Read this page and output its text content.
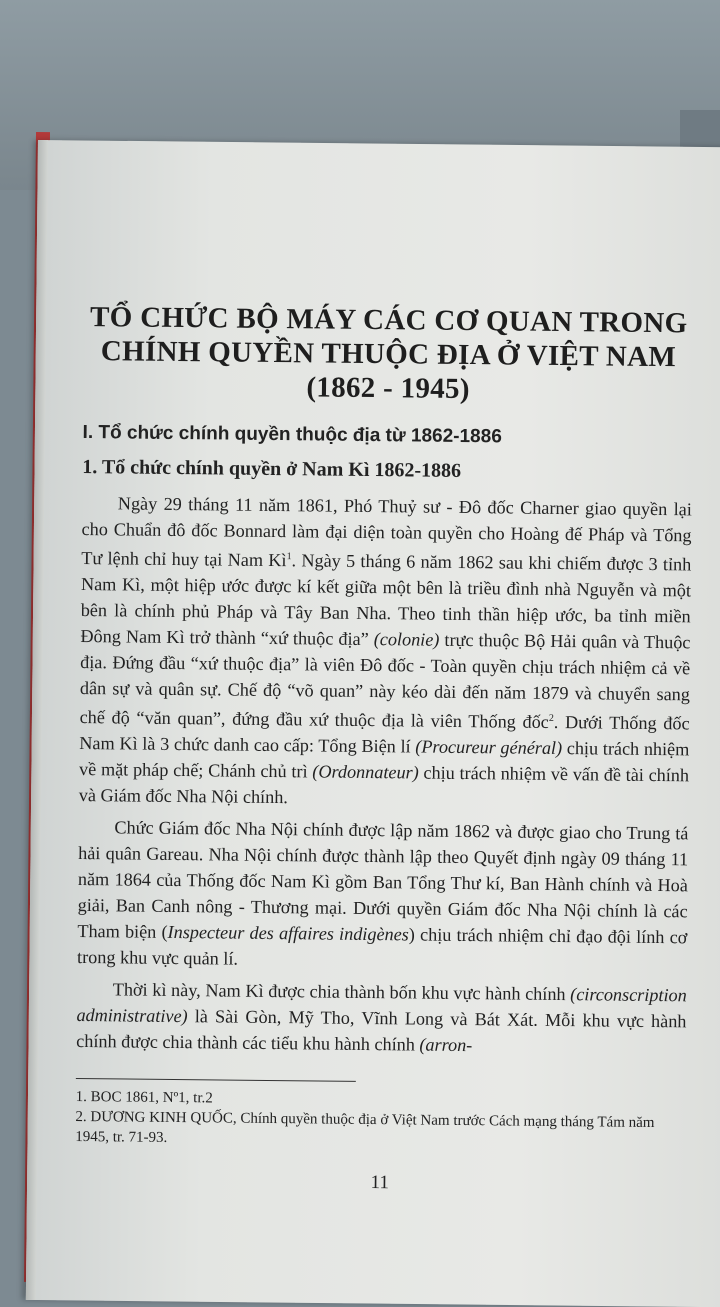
TỔ CHỨC BỘ MÁY CÁC CƠ QUAN TRONG
CHÍNH QUYỀN THUỘC ĐỊA Ở VIỆT NAM
(1862 - 1945)
I. Tổ chức chính quyền thuộc địa từ 1862-1886
1. Tổ chức chính quyền ở Nam Kì 1862-1886

Ngày 29 tháng 11 năm 1861, Phó Thuỷ sư - Đô đốc Charner giao quyền lại cho Chuẩn đô đốc Bonnard làm đại diện toàn quyền cho Hoàng đế Pháp và Tổng Tư lệnh chỉ huy tại Nam $Kì^1$. Ngày 5 tháng 6 năm 1862 sau khi chiếm được 3 tỉnh Nam Kì, một hiệp ước được kí kết giữa một bên là triều đình nhà Nguyễn và một bên là chính phủ Pháp và Tây Ban Nha. Theo tinh thần hiệp ước, ba tỉnh miền Đông Nam Kì trở thành “xứ thuộc địa” (colonie) trực thuộc Bộ Hải quân và Thuộc địa. Đứng đầu “xứ thuộc địa” là viên Đô đốc - Toàn quyền chịu trách nhiệm cả về dân sự và quân sự. Chế độ “võ quan” này kéo dài đến năm 1879 và chuyển sang chế độ “văn quan”, đứng đầu xứ thuộc địa là viên Thống đốc$^2$. Dưới Thống đốc Nam Kì là 3 chức danh cao cấp: Tổng Biện lí (Procureur général) chịu trách nhiệm về mặt pháp chế; Chánh chủ trì (Ordonnateur) chịu trách nhiệm về vấn đề tài chính và Giám đốc Nha Nội chính.

Chức Giám đốc Nha Nội chính được lập năm 1862 và được giao cho Trung tá hải quân Gareau. Nha Nội chính được thành lập theo Quyết định ngày 09 tháng 11 năm 1864 của Thống đốc Nam Kì gồm Ban Tổng Thư kí, Ban Hành chính và Hoà giải, Ban Canh nông - Thương mại. Dưới quyền Giám đốc Nha Nội chính là các Tham biện (Inspecteur des affaires indigènes) chịu trách nhiệm chỉ đạo đội lính cơ trong khu vực quản lí.

Thời kì này, Nam Kì được chia thành bốn khu vực hành chính (circonscription administrative) là Sài Gòn, Mỹ Tho, Vĩnh Long và Bát Xát. Mỗi khu vực hành chính được chia thành các tiểu khu hành chính (arron-

1. BOC 1861, Nº1, tr.2

2. DƯƠNG KINH QUỐC, Chính quyền thuộc địa ở Việt Nam trước Cách mạng tháng Tám năm 1945, tr. 71-93.

11
